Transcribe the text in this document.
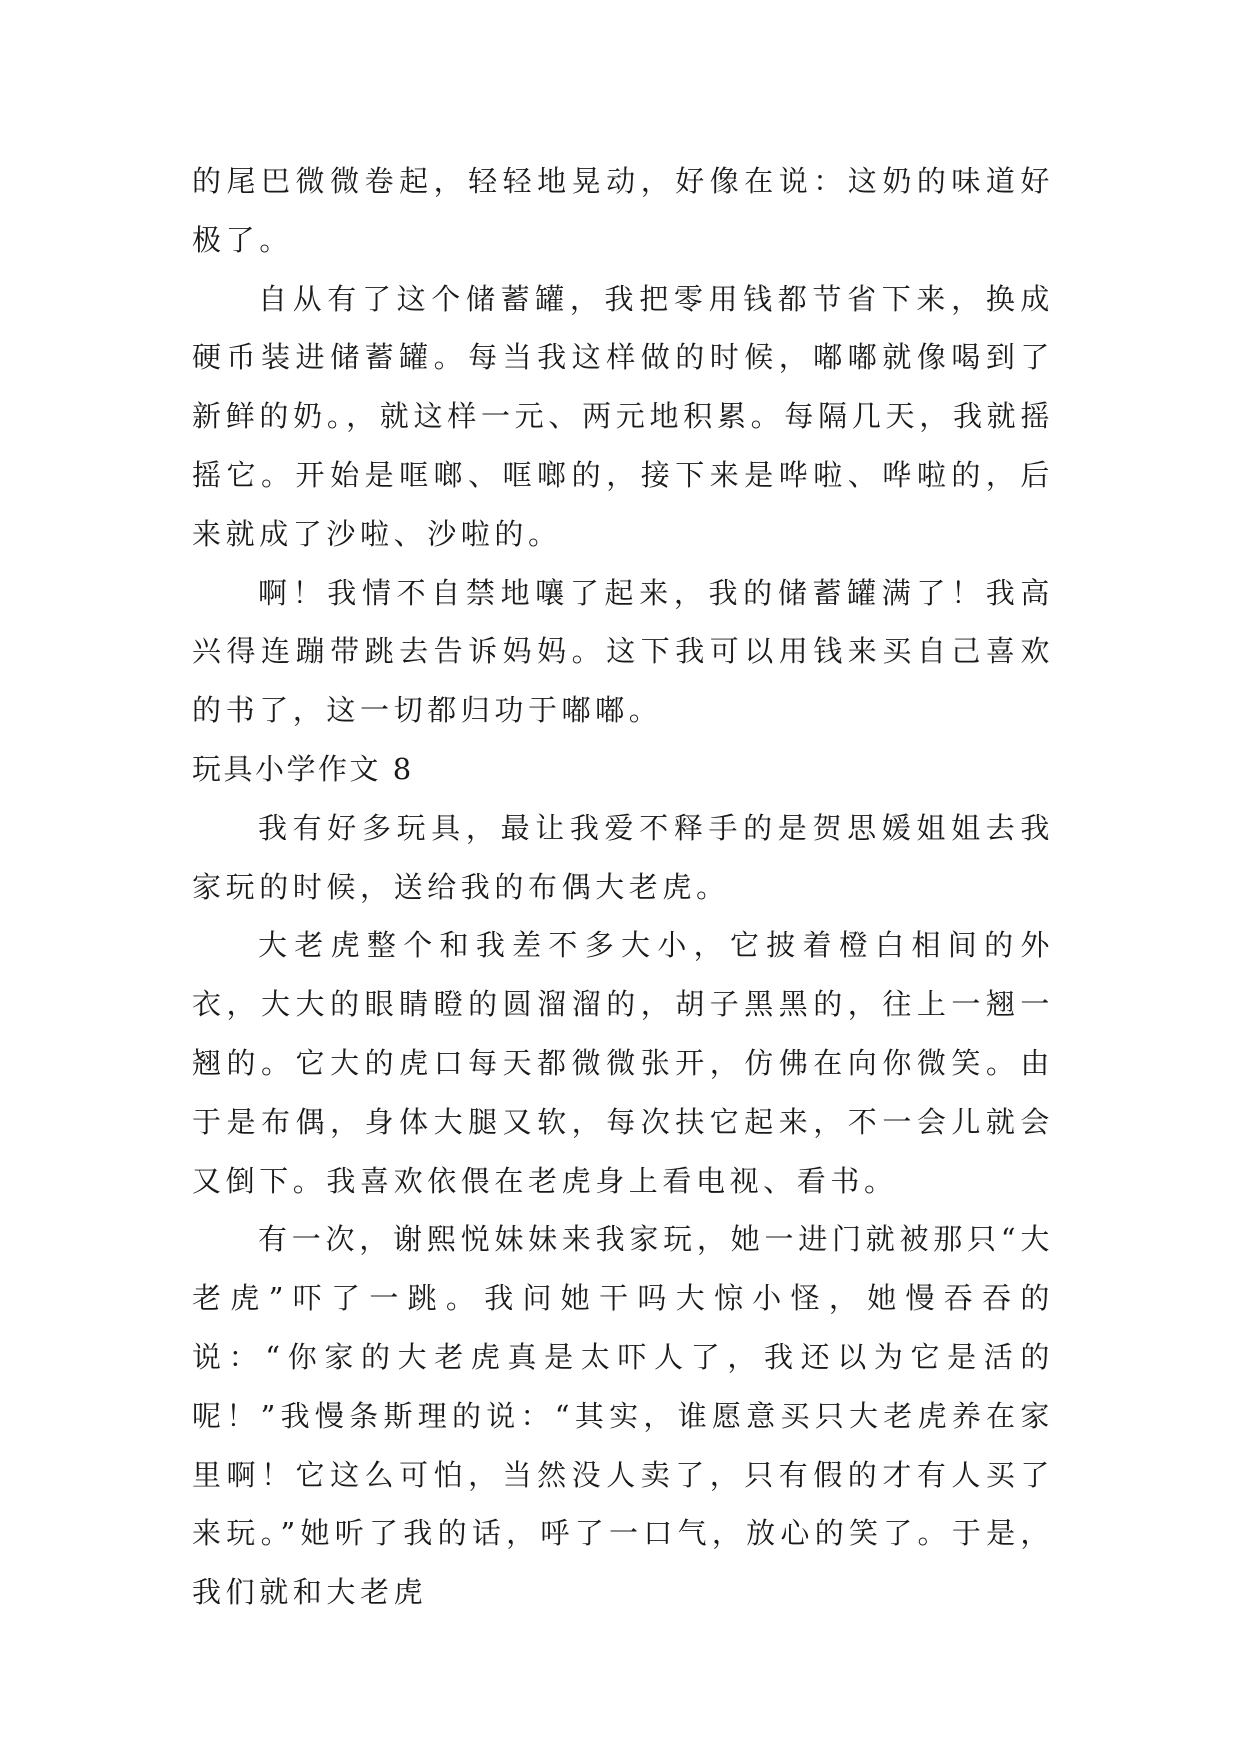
的尾巴微微卷起，轻轻地晃动，好像在说：这奶的味道好极了。

自从有了这个储蓄罐，我把零用钱都节省下来，换成硬币装进储蓄罐。每当我这样做的时候，嘟嘟就像喝到了新鲜的奶。，就这样一元、两元地积累。每隔几天，我就摇摇它。开始是哐啷、哐啷的，接下来是哗啦、哗啦的，后来就成了沙啦、沙啦的。

啊！我情不自禁地嚷了起来，我的储蓄罐满了！我高兴得连蹦带跳去告诉妈妈。这下我可以用钱来买自己喜欢的书了，这一切都归功于嘟嘟。

玩具小学作文 8

我有好多玩具，最让我爱不释手的是贺思媛姐姐去我家玩的时候，送给我的布偶大老虎。

大老虎整个和我差不多大小，它披着橙白相间的外衣，大大的眼睛瞪的圆溜溜的，胡子黑黑的，往上一翘一翘的。它大的虎口每天都微微张开，仿佛在向你微笑。由于是布偶，身体大腿又软，每次扶它起来，不一会儿就会又倒下。我喜欢依偎在老虎身上看电视、看书。

有一次，谢熙悦妹妹来我家玩，她一进门就被那只“大老虎”吓了一跳。我问她干吗大惊小怪，她慢吞吞的说：“你家的大老虎真是太吓人了，我还以为它是活的呢！”我慢条斯理的说：“其实，谁愿意买只大老虎养在家里啊！它这么可怕，当然没人卖了，只有假的才有人买了来玩。”她听了我的话，呼了一口气，放心的笑了。于是，我们就和大老虎
